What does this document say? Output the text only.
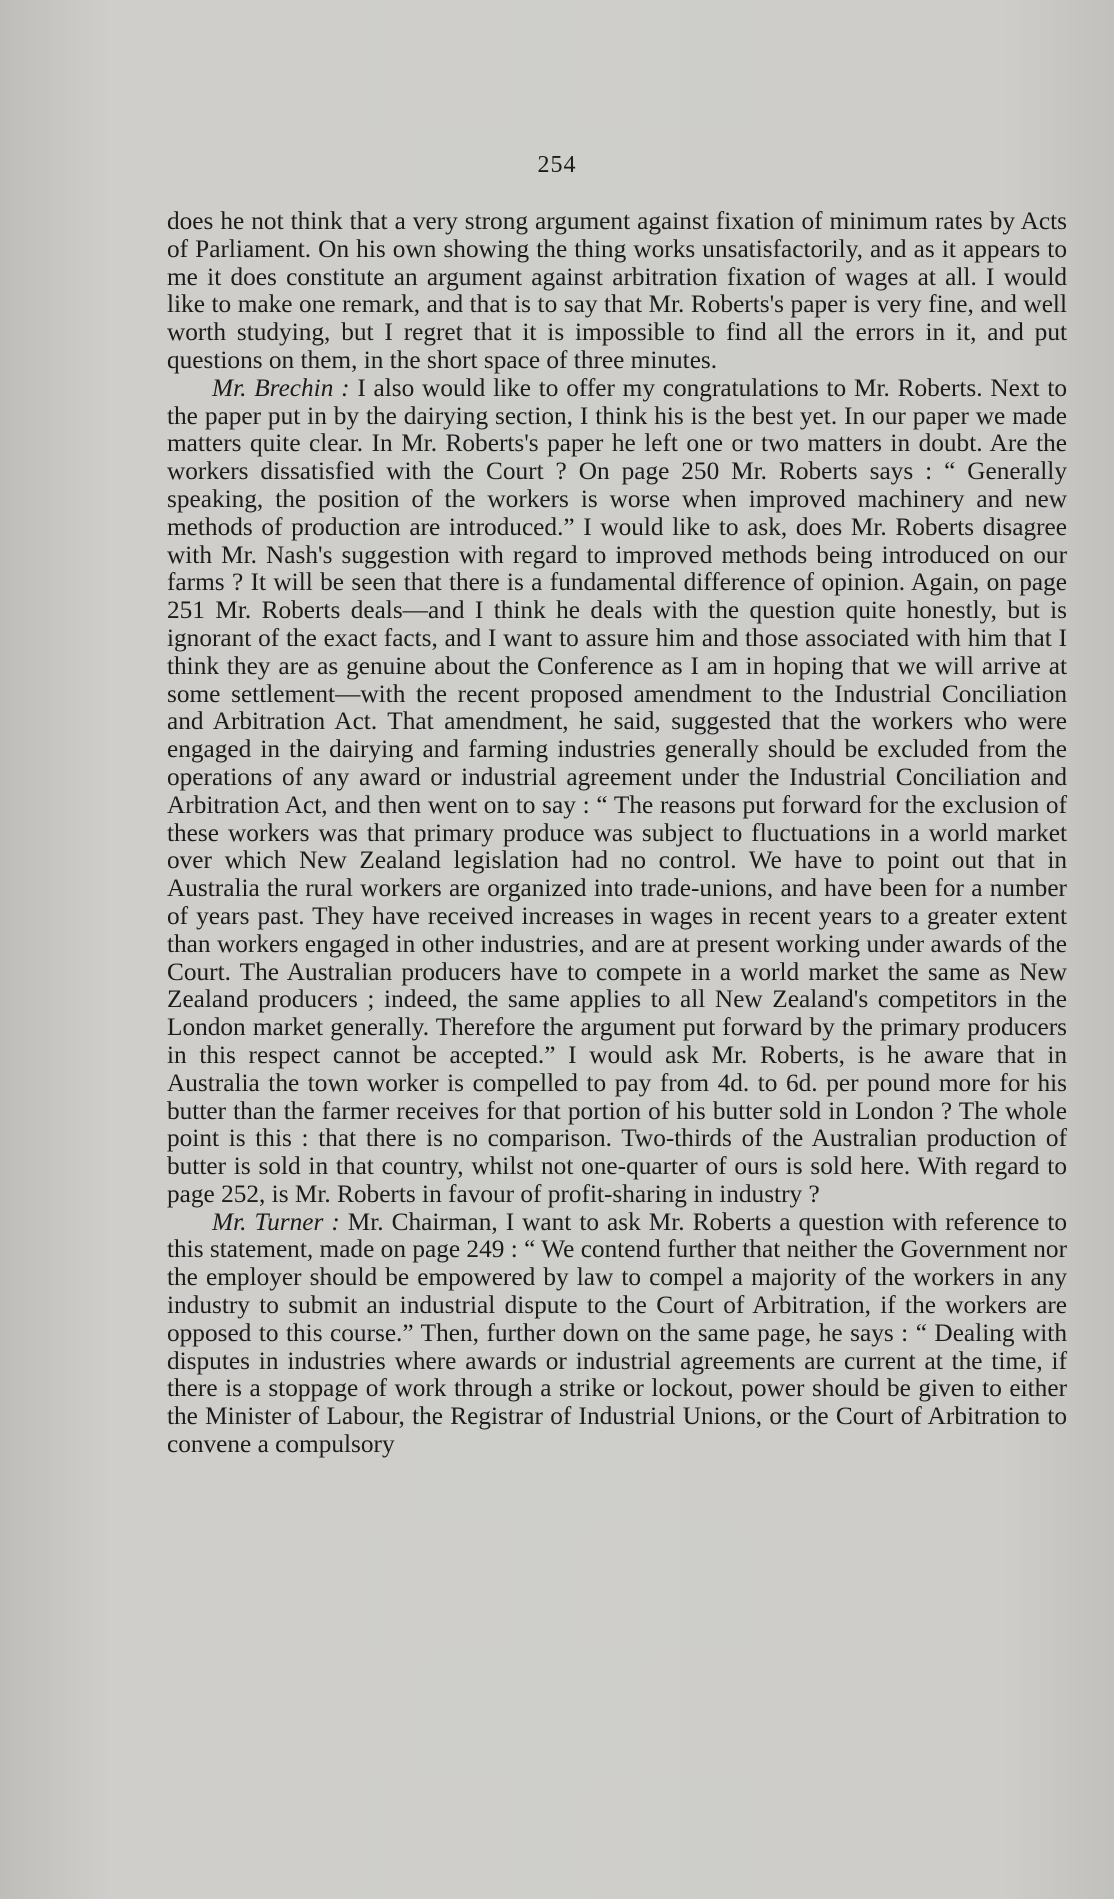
254

does he not think that a very strong argument against fixation of minimum rates by Acts of Parliament. On his own showing the thing works unsatisfactorily, and as it appears to me it does constitute an argument against arbitration fixation of wages at all. I would like to make one remark, and that is to say that Mr. Roberts's paper is very fine, and well worth studying, but I regret that it is impossible to find all the errors in it, and put questions on them, in the short space of three minutes.

Mr. Brechin : I also would like to offer my congratulations to Mr. Roberts. Next to the paper put in by the dairying section, I think his is the best yet. In our paper we made matters quite clear. In Mr. Roberts's paper he left one or two matters in doubt. Are the workers dissatisfied with the Court ? On page 250 Mr. Roberts says : “ Generally speaking, the position of the workers is worse when improved machinery and new methods of production are introduced.” I would like to ask, does Mr. Roberts disagree with Mr. Nash's suggestion with regard to improved methods being introduced on our farms ? It will be seen that there is a fundamental difference of opinion. Again, on page 251 Mr. Roberts deals—and I think he deals with the question quite honestly, but is ignorant of the exact facts, and I want to assure him and those associated with him that I think they are as genuine about the Conference as I am in hoping that we will arrive at some settlement—with the recent proposed amendment to the Industrial Conciliation and Arbitration Act. That amendment, he said, suggested that the workers who were engaged in the dairying and farming industries generally should be excluded from the operations of any award or industrial agreement under the Industrial Conciliation and Arbitration Act, and then went on to say : “ The reasons put forward for the exclusion of these workers was that primary produce was subject to fluctuations in a world market over which New Zealand legislation had no control. We have to point out that in Australia the rural workers are organized into trade-unions, and have been for a number of years past. They have received increases in wages in recent years to a greater extent than workers engaged in other industries, and are at present working under awards of the Court. The Australian producers have to compete in a world market the same as New Zealand producers ; indeed, the same applies to all New Zealand's competitors in the London market generally. Therefore the argument put forward by the primary producers in this respect cannot be accepted.” I would ask Mr. Roberts, is he aware that in Australia the town worker is compelled to pay from 4d. to 6d. per pound more for his butter than the farmer receives for that portion of his butter sold in London ? The whole point is this : that there is no comparison. Two-thirds of the Australian production of butter is sold in that country, whilst not one-quarter of ours is sold here. With regard to page 252, is Mr. Roberts in favour of profit-sharing in industry ?

Mr. Turner : Mr. Chairman, I want to ask Mr. Roberts a question with reference to this statement, made on page 249 : “ We contend further that neither the Government nor the employer should be empowered by law to compel a majority of the workers in any industry to submit an industrial dispute to the Court of Arbitration, if the workers are opposed to this course.” Then, further down on the same page, he says : “ Dealing with disputes in industries where awards or industrial agreements are current at the time, if there is a stoppage of work through a strike or lockout, power should be given to either the Minister of Labour, the Registrar of Industrial Unions, or the Court of Arbitration to convene a compulsory
